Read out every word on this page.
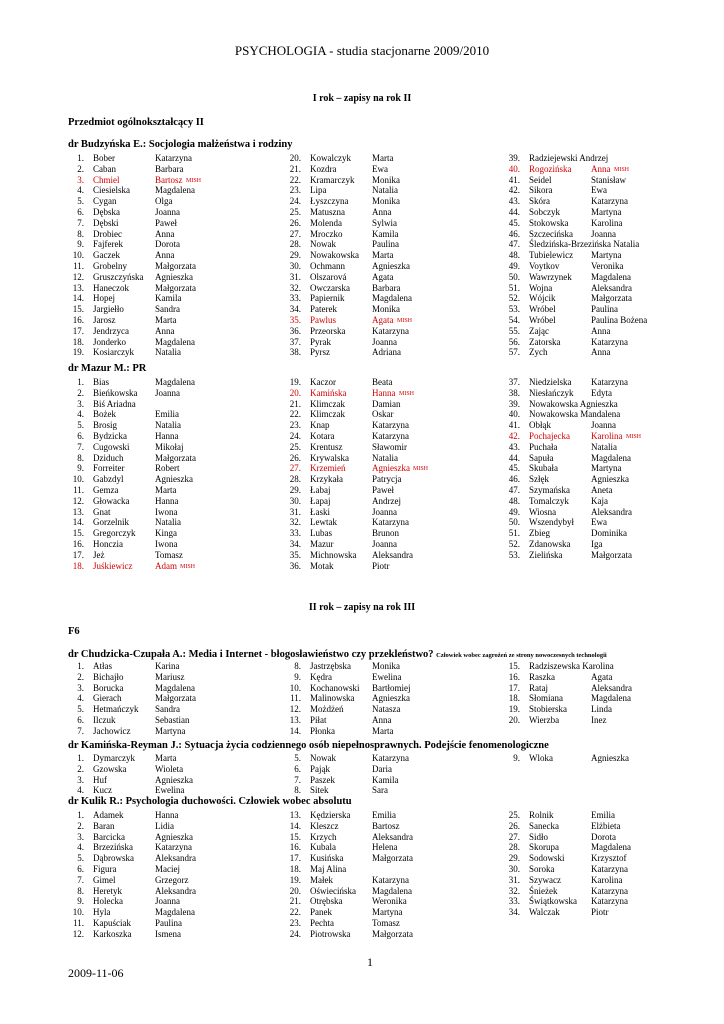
PSYCHOLOGIA - studia stacjonarne 2009/2010
I rok – zapisy na rok II
Przedmiot ogólnokształcący II
dr Budzyńska E.: Socjologia małżeństwa i rodziny
1. Bober	Katarzyna
2. Caban	Barbara
3. Chmiel	Bartosz MISH
4. Ciesielska	Magdalena
5. Cygan	Olga
6. Dębska	Joanna
7. Dębski	Paweł
8. Drobiec	Anna
9. Fajferek	Dorota
10. Gaczek	Anna
11. Grobelny	Małgorzata
12. Gruszczyńska Agnieszka
13. Haneczok	Małgorzata
14. Hopej	Kamila
15. Jargiełło	Sandra
16. Jarosz	Marta
17. Jendrzyca	Anna
18. Jonderko	Magdalena
19. Kosiarczyk Natalia
20. Kowalczyk Marta
21. Kozdra	Ewa
22. Kramarczyk Monika
23. Lipa	Natalia
24. Łyszczyna	Monika
25. Matuszna	Anna
26. Molenda	Sylwia
27. Mroczko	Kamila
28. Nowak	Paulina
29. Nowakowska Marta
30. Ochmann	Agnieszka
31. Olszarová	Agata
32. Owczarska Barbara
33. Papiernik	Magdalena
34. Paterek	Monika
35. Pawlus	Agata MISH
36. Przeorska	Katarzyna
37. Pyrak	Joanna
38. Pyrsz	Adriana
39. Radziejewski Andrzej
40. Rogozińska Anna MISH
41. Seidel	Stanisław
42. Sikora	Ewa
43. Skóra	Katarzyna
44. Sobczyk	Martyna
45. Stokowska Karolina
46. Szczecińska Joanna
47. Śledzińska-Brzezińska Natalia
48. Tubielewicz Martyna
49. Voytkov	Veronika
50. Wawrzynek Magdalena
51. Wojna	Aleksandra
52. Wójcik	Małgorzata
53. Wróbel	Paulina
54. Wróbel	Paulina Bożena
55. Zając	Anna
56. Zatorska	Katarzyna
57. Zych	Anna
dr Mazur M.: PR
1. Bias	Magdalena
2. Bieńkowska Joanna
3. Biś Ariadna
4. Bożek	Emilia
5. Brosig	Natalia
6. Bydzicka	Hanna
7. Cugowski	Mikołaj
8. Dziduch	Małgorzata
9. Forreiter	Robert
10. Gabzdyl	Agnieszka
11. Gemza	Marta
12. Głowacka	Hanna
13. Gnat	Iwona
14. Gorzelnik	Natalia
15. Gregorczyk Kinga
16. Honczia	Iwona
17. Jeż	Tomasz
18. Juśkiewicz	Adam MISH
19. Kaczor	Beata
20. Kamińska	Hanna MISH
21. Klimczak	Damian
22. Klimczak	Oskar
23. Knap	Katarzyna
24. Kotara	Katarzyna
25. Krentusz	Sławomir
26. Krywalska	Natalia
27. Krzemień	Agnieszka MISH
28. Krzykała	Patrycja
29. Łabaj	Paweł
30. Łapaj	Andrzej
31. Łaski	Joanna
32. Lewtak	Katarzyna
33. Lubas	Brunon
34. Mazur	Joanna
35. Michnowska Aleksandra
36. Motak	Piotr
37. Niedzielska Katarzyna
38. Niesłańczyk Edyta
39. Nowakowska Agnieszka
40. Nowakowska Mandalena
41. Obłąk	Joanna
42. Pochajecka Karolina MISH
43. Puchała	Natalia
44. Sapuła	Magdalena
45. Skubała	Martyna
46. Szłęk	Agnieszka
47. Szymańska Aneta
48. Tomalczyk Kaja
49. Wiosna	Aleksandra
50. Wszendybył Ewa
51. Zbieg	Dominika
52. Zdanowska Iga
53. Zielińska	Małgorzata
II rok – zapisy na rok III
F6
dr Chudzicka-Czupała A.: Media i Internet - błogosławieństwo czy przekleństwo? Człowiek wobec zagrożeń ze strony nowoczesnych technologii
1. Atłas	Karina
2. Bichajło	Mariusz
3. Borucka	Magdalena
4. Gierach	Małgorzata
5. Hetmańczyk Sandra
6. Ilczuk	Sebastian
7. Jachowicz	Martyna
8. Jastrzębska Monika
9. Kędra	Ewelina
10. Kochanowski Bartłomiej
11. Malinowska Agnieszka
12. Możdżeń	Natasza
13. Piłat	Anna
14. Płonka	Marta
15. Radziszewska Karolina
16. Raszka	Agata
17. Rataj	Aleksandra
18. Słomiana	Magdalena
19. Stobierska	Linda
20. Wierzba	Inez
dr Kamińska-Reyman J.: Sytuacja życia codziennego osób niepełnosprawnych. Podejście fenomenologiczne
1. Dymarczyk Marta
2. Gzowska	Wioleta
3. Huf	Agnieszka
4. Kucz	Ewelina
5. Nowak	Katarzyna
6. Pająk	Daria
7. Paszek	Kamila
8. Sitek	Sara
9. Wloka	Agnieszka
dr Kulik R.: Psychologia duchowości. Człowiek wobec absolutu
1. Adamek	Hanna
2. Baran	Lidia
3. Barcicka	Agnieszka
4. Brzezińska Katarzyna
5. Dąbrowska Aleksandra
6. Figura	Maciej
7. Gimel	Grzegorz
8. Heretyk	Aleksandra
9. Holecka	Joanna
10. Hyla	Magdalena
11. Kapuściak	Paulina
12. Karkoszka	Ismena
13. Kędzierska Emilia
14. Kleszcz	Bartosz
15. Krzych	Aleksandra
16. Kubala	Helena
17. Kusińska	Małgorzata
18. Maj Alina
19. Małek	Katarzyna
20. Oświecińska Magdalena
21. Otrębska	Weronika
22. Panek	Martyna
23. Pechta	Tomasz
24. Piotrowska Małgorzata
25. Rolnik	Emilia
26. Sanecka	Elżbieta
27. Sidło	Dorota
28. Skorupa	Magdalena
29. Sodowski	Krzysztof
30. Soroka	Katarzyna
31. Szywacz	Karolina
32. Śnieżek	Katarzyna
33. Świątkowska Katarzyna
34. Walczak	Piotr
1
2009-11-06
